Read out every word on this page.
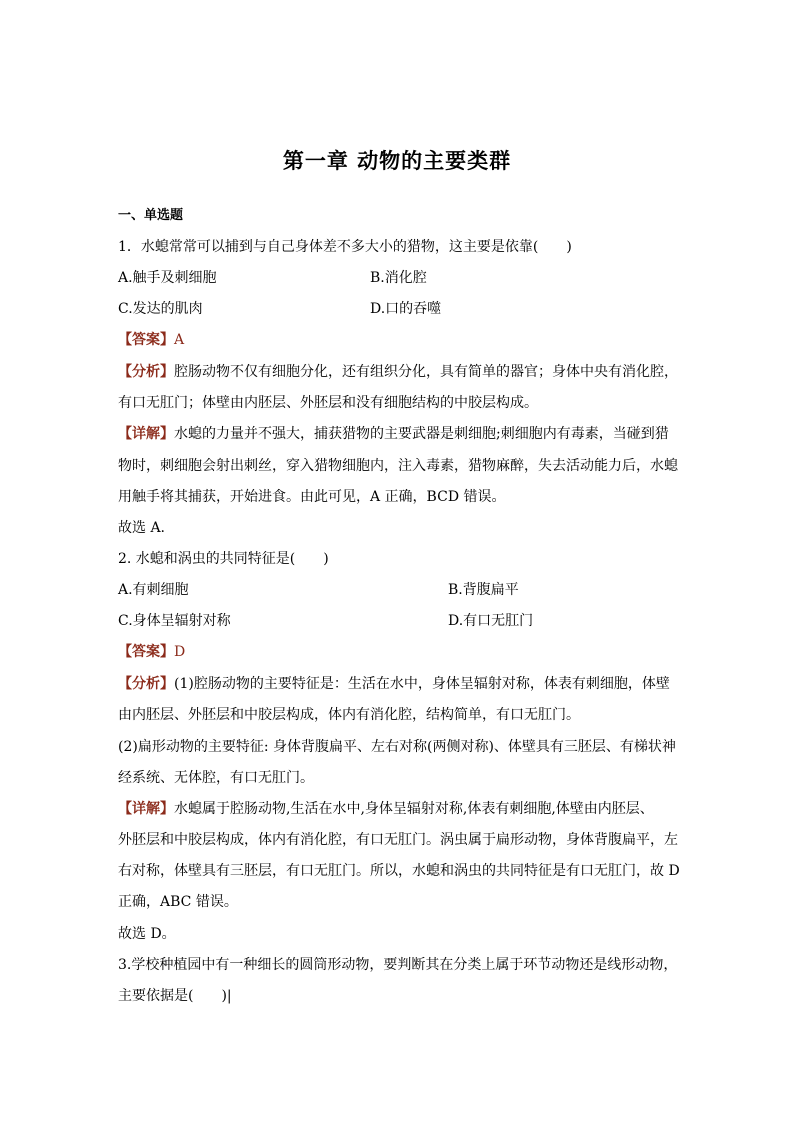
第一章 动物的主要类群
一、单选题
1．水螅常常可以捕到与自己身体差不多大小的猎物，这主要是依靠(　　)
A.触手及刺细胞	B.消化腔
C.发达的肌肉	D.口的吞噬
【答案】A
【分析】腔肠动物不仅有细胞分化，还有组织分化，具有简单的器官；身体中央有消化腔，
有口无肛门；体壁由内胚层、外胚层和没有细胞结构的中胶层构成。
【详解】水螅的力量并不强大，捕获猎物的主要武器是刺细胞;刺细胞内有毒素，当碰到猎
物时，刺细胞会射出刺丝，穿入猎物细胞内，注入毒素，猎物麻醉，失去活动能力后，水螅
用触手将其捕获，开始进食。由此可见，A 正确，BCD 错误。
故选 A.
2. 水螅和涡虫的共同特征是(　　)
A.有刺细胞	B.背腹扁平
C.身体呈辐射对称	D.有口无肛门
【答案】D
【分析】(1)腔肠动物的主要特征是：生活在水中，身体呈辐射对称，体表有刺细胞，体壁
由内胚层、外胚层和中胶层构成，体内有消化腔，结构简单，有口无肛门。
(2)扁形动物的主要特征: 身体背腹扁平、左右对称(两侧对称)、体壁具有三胚层、有梯状神
经系统、无体腔，有口无肛门。
【详解】水螅属于腔肠动物,生活在水中,身体呈辐射对称,体表有刺细胞,体壁由内胚层、
外胚层和中胶层构成，体内有消化腔，有口无肛门。涡虫属于扁形动物，身体背腹扁平，左
右对称，体壁具有三胚层，有口无肛门。所以，水螅和涡虫的共同特征是有口无肛门，故 D
正确，ABC 错误。
故选 D。
3.学校种植园中有一种细长的圆筒形动物，要判断其在分类上属于环节动物还是线形动物，
主要依据是(　　)|
